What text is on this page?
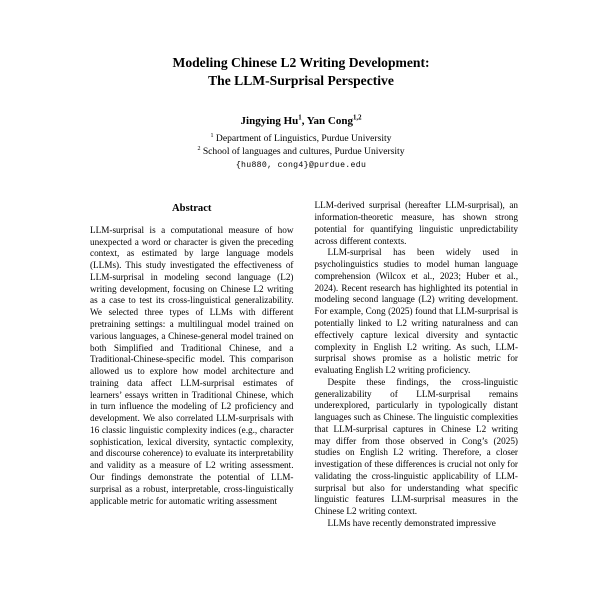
Modeling Chinese L2 Writing Development:
The LLM-Surprisal Perspective
Jingying Hu$^1$, Yan Cong$^{1,2}$
$^1$ Department of Linguistics, Purdue University
$^2$ School of languages and cultures, Purdue University
{hu880, cong4}@purdue.edu
Abstract

LLM-surprisal is a computational measure of how unexpected a word or character is given the preceding context, as estimated by large language models (LLMs). This study investigated the effectiveness of LLM-surprisal in modeling second language (L2) writing development, focusing on Chinese L2 writing as a case to test its cross-linguistical generalizability. We selected three types of LLMs with different pretraining settings: a multilingual model trained on various languages, a Chinese-general model trained on both Simplified and Traditional Chinese, and a Traditional-Chinese-specific model. This comparison allowed us to explore how model architecture and training data affect LLM-surprisal estimates of learners’ essays written in Traditional Chinese, which in turn influence the modeling of L2 proficiency and development. We also correlated LLM-surprisals with 16 classic linguistic complexity indices (e.g., character sophistication, lexical diversity, syntactic complexity, and discourse coherence) to evaluate its interpretability and validity as a measure of L2 writing assessment. Our findings demonstrate the potential of LLM-surprisal as a robust, interpretable, cross-linguistically applicable metric for automatic writing assessment

LLM-derived surprisal (hereafter LLM-surprisal), an information-theoretic measure, has shown strong potential for quantifying linguistic unpredictability across different contexts.

LLM-surprisal has been widely used in psycholinguistics studies to model human language comprehension (Wilcox et al., 2023; Huber et al., 2024). Recent research has highlighted its potential in modeling second language (L2) writing development. For example, Cong (2025) found that LLM-surprisal is potentially linked to L2 writing naturalness and can effectively capture lexical diversity and syntactic complexity in English L2 writing. As such, LLM-surprisal shows promise as a holistic metric for evaluating English L2 writing proficiency.

Despite these findings, the cross-linguistic generalizability of LLM-surprisal remains underexplored, particularly in typologically distant languages such as Chinese. The linguistic complexities that LLM-surprisal captures in Chinese L2 writing may differ from those observed in Cong’s (2025) studies on English L2 writing. Therefore, a closer investigation of these differences is crucial not only for validating the cross-linguistic applicability of LLM-surprisal but also for understanding what specific linguistic features LLM-surprisal measures in the Chinese L2 writing context.

LLMs have recently demonstrated impressive
